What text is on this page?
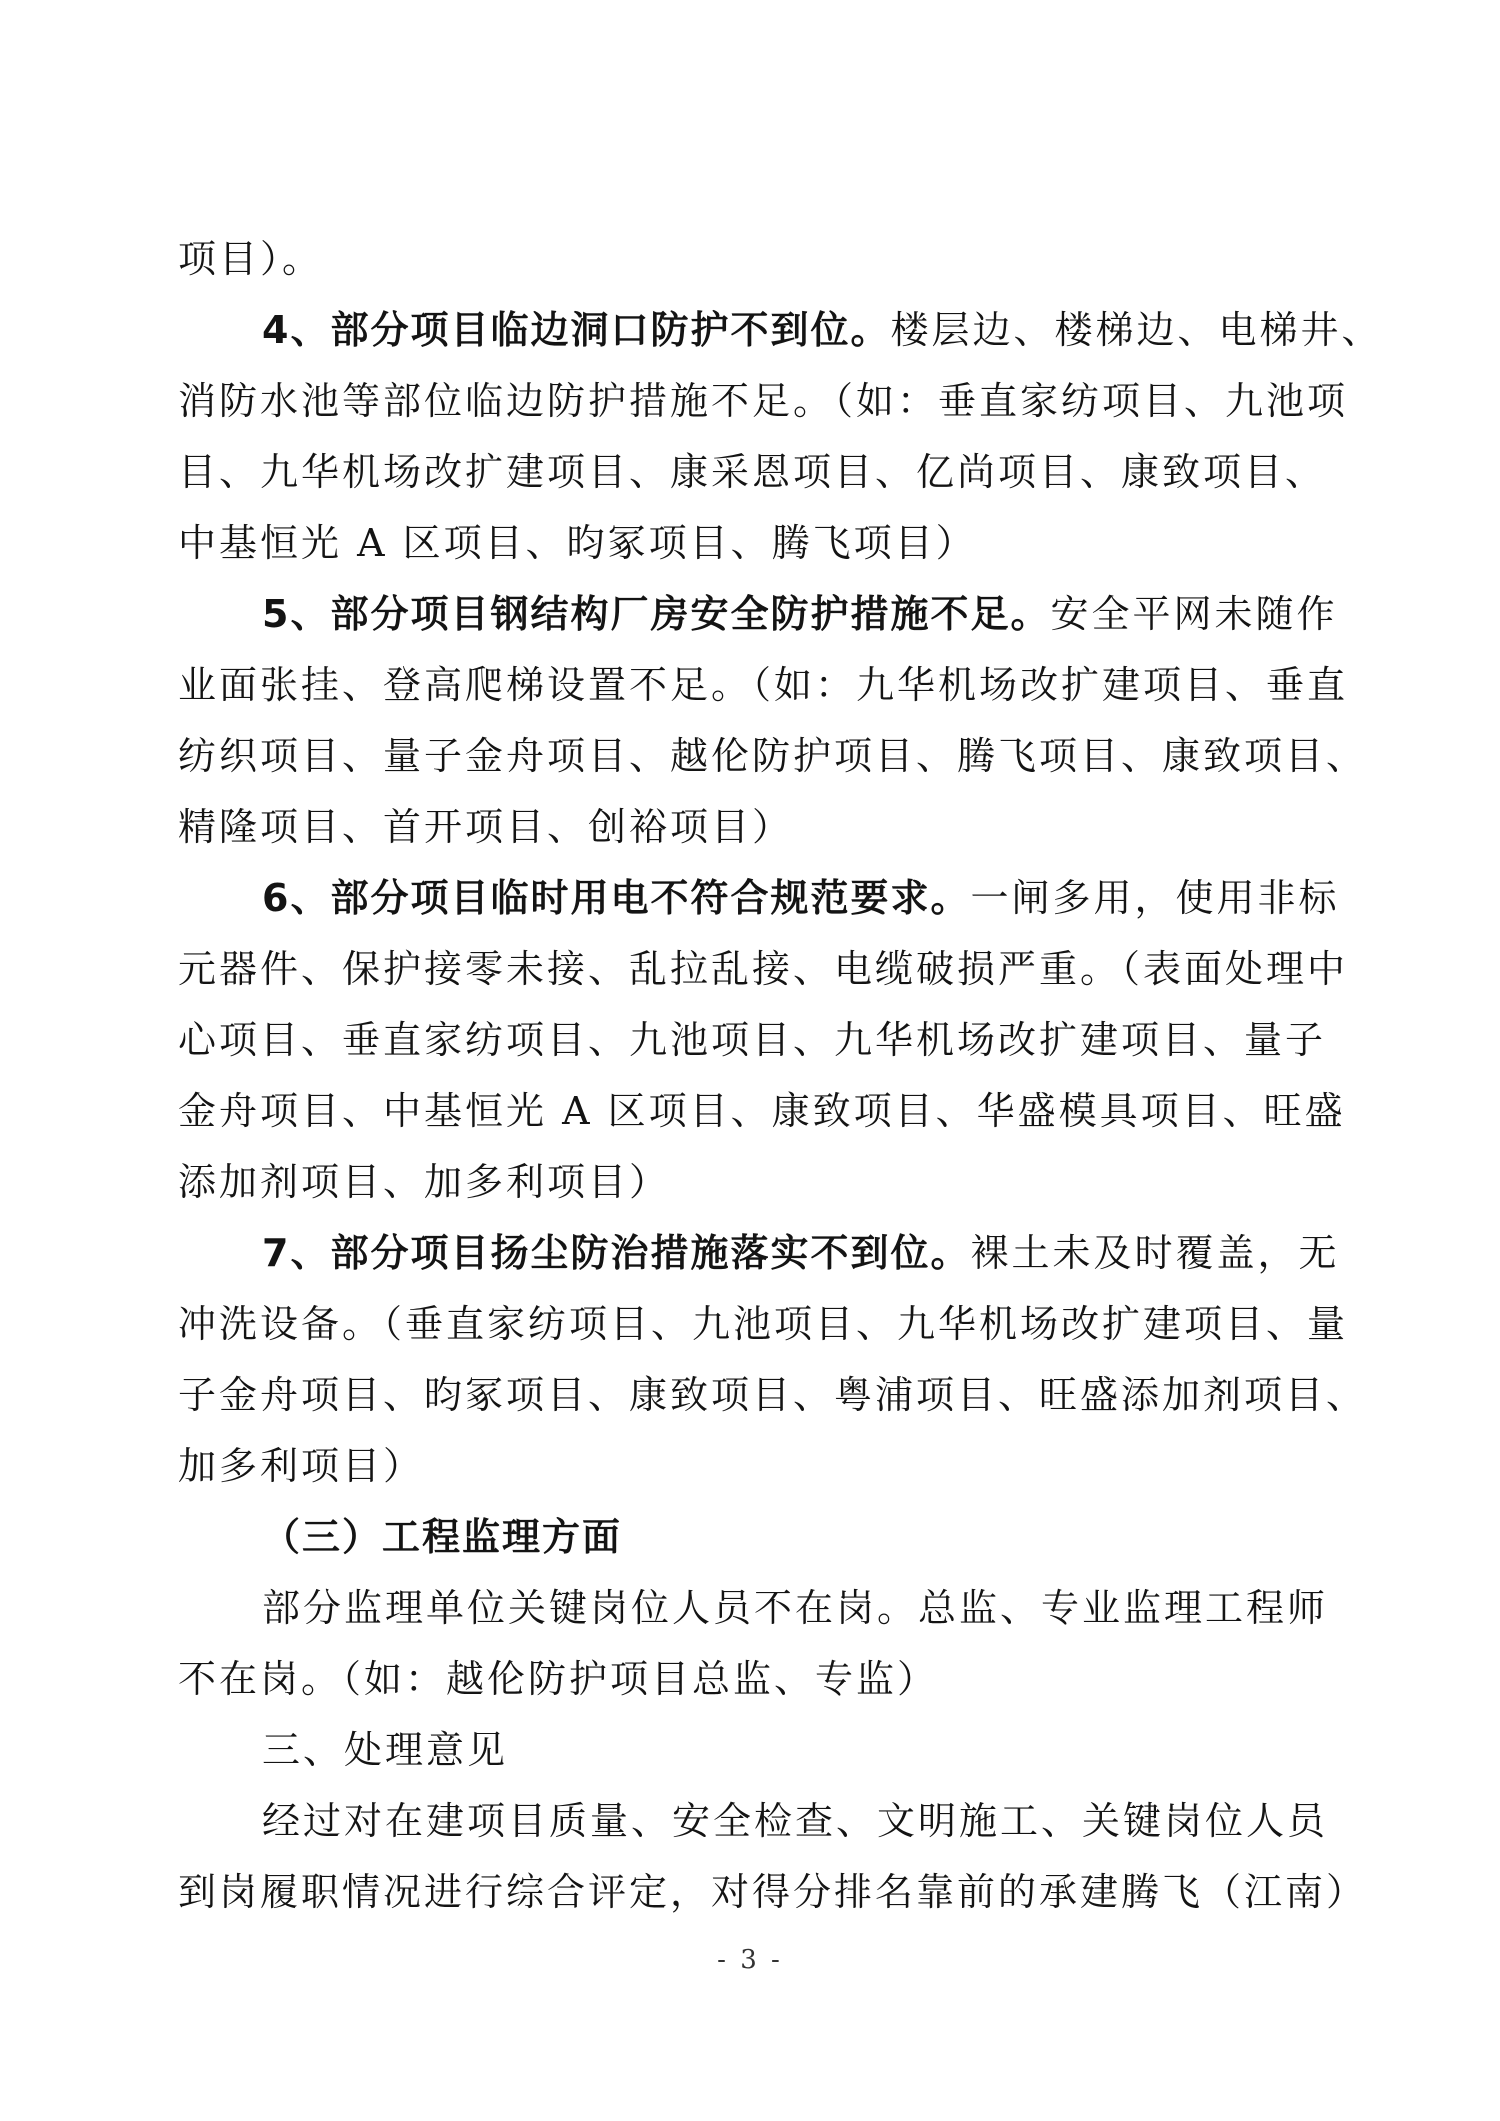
项目）。
4、部分项目临边洞口防护不到位。楼层边、楼梯边、电梯井、
消防水池等部位临边防护措施不足。（如：垂直家纺项目、九池项
目、九华机场改扩建项目、康采恩项目、亿尚项目、康致项目、
中基恒光 A 区项目、昀冢项目、腾飞项目）
5、部分项目钢结构厂房安全防护措施不足。安全平网未随作
业面张挂、登高爬梯设置不足。（如：九华机场改扩建项目、垂直
纺织项目、量子金舟项目、越伦防护项目、腾飞项目、康致项目、
精隆项目、首开项目、创裕项目）
6、部分项目临时用电不符合规范要求。一闸多用，使用非标
元器件、保护接零未接、乱拉乱接、电缆破损严重。（表面处理中
心项目、垂直家纺项目、九池项目、九华机场改扩建项目、量子
金舟项目、中基恒光 A 区项目、康致项目、华盛模具项目、旺盛
添加剂项目、加多利项目）
7、部分项目扬尘防治措施落实不到位。裸土未及时覆盖，无
冲洗设备。（垂直家纺项目、九池项目、九华机场改扩建项目、量
子金舟项目、昀冢项目、康致项目、粤浦项目、旺盛添加剂项目、
加多利项目）
（三）工程监理方面
部分监理单位关键岗位人员不在岗。总监、专业监理工程师
不在岗。（如：越伦防护项目总监、专监）
三、处理意见
经过对在建项目质量、安全检查、文明施工、关键岗位人员
到岗履职情况进行综合评定，对得分排名靠前的承建腾飞（江南）
- 3 -
